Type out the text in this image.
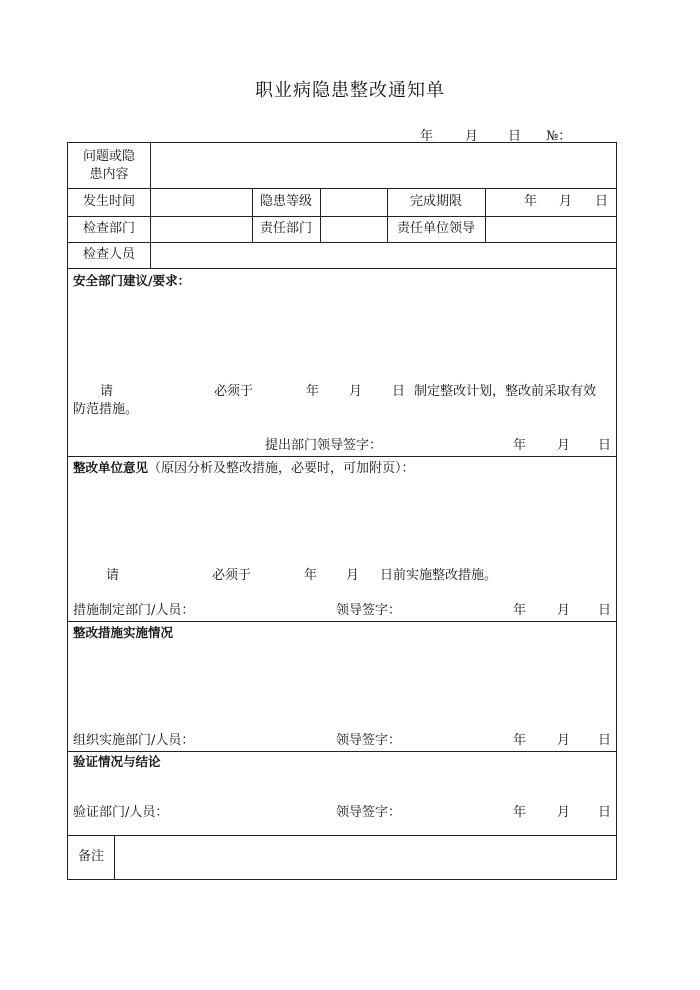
职业病隐患整改通知单
年 月 日 №：
问题或隐
患内容
发生时间	隐患等级	完成期限	年 月 日
检查部门	责任部门	责任单位领导
检查人员
安全部门建议/要求：
请	必须于	年 月 日 制定整改计划，整改前采取有效
防范措施。
提出部门领导签字：	年 月 日
整改单位意见（原因分析及整改措施，必要时，可加附页）：
请	必须于	年 月 日前实施整改措施。
措施制定部门/人员：	领导签字：	年 月 日
整改措施实施情况
组织实施部门/人员：	领导签字：	年 月 日
验证情况与结论
验证部门/人员：	领导签字：	年 月 日
备注
